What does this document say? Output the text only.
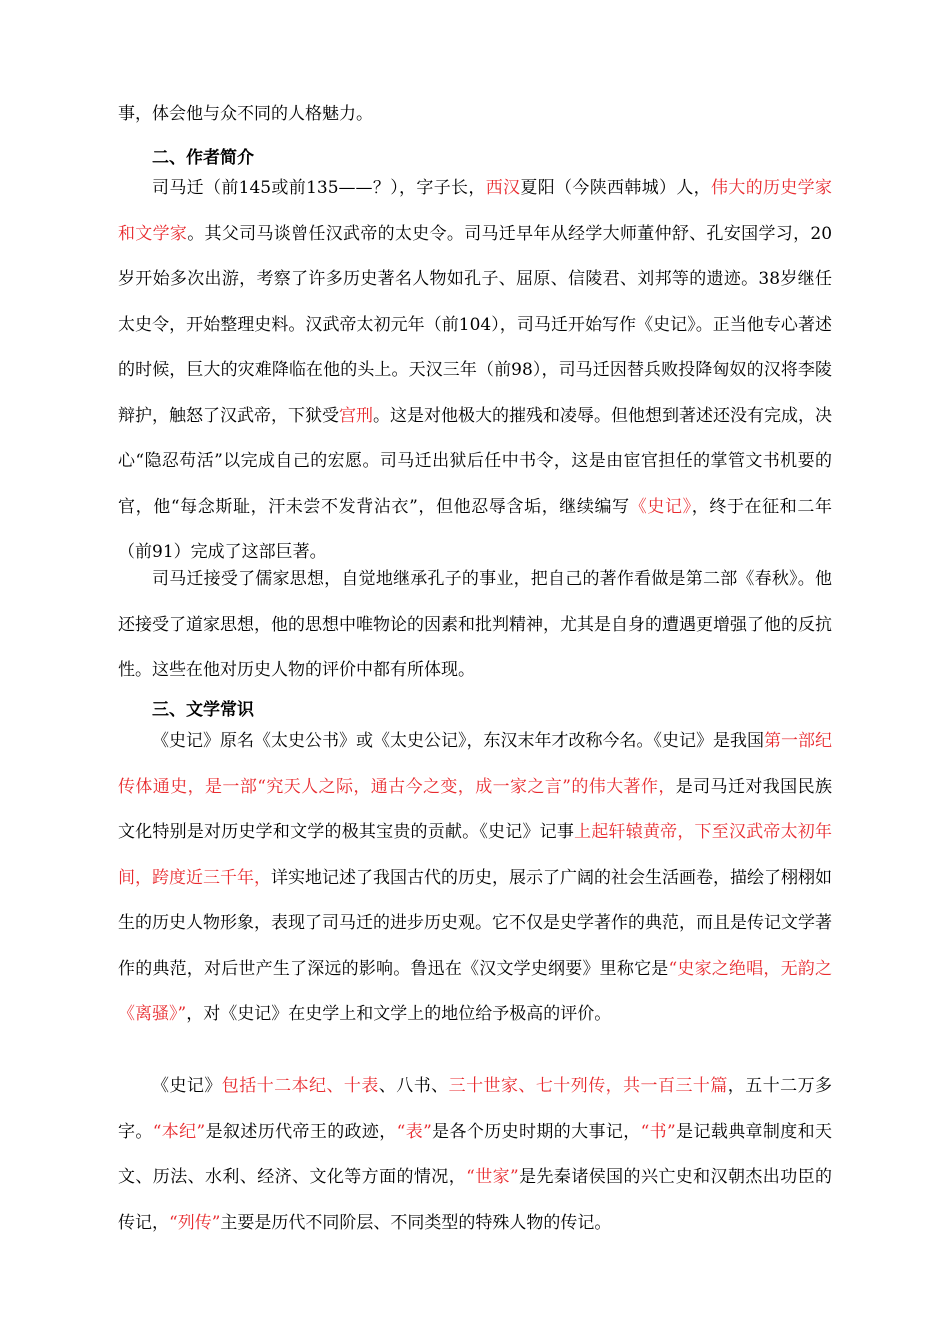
事，体会他与众不同的人格魅力。

二、作者简介

司马迁（前145或前135——？），字子长，西汉夏阳（今陕西韩城）人，伟大的历史学家和文学家。其父司马谈曾任汉武帝的太史令。司马迁早年从经学大师董仲舒、孔安国学习，20岁开始多次出游，考察了许多历史著名人物如孔子、屈原、信陵君、刘邦等的遗迹。38岁继任太史令，开始整理史料。汉武帝太初元年（前104），司马迁开始写作《史记》。正当他专心著述的时候，巨大的灾难降临在他的头上。天汉三年（前98），司马迁因替兵败投降匈奴的汉将李陵辩护，触怒了汉武帝，下狱受宫刑。这是对他极大的摧残和凌辱。但他想到著述还没有完成，决心“隐忍苟活”以完成自己的宏愿。司马迁出狱后任中书令，这是由宦官担任的掌管文书机要的官，他“每念斯耻，汗未尝不发背沾衣”，但他忍辱含垢，继续编写《史记》，终于在征和二年（前91）完成了这部巨著。

司马迁接受了儒家思想，自觉地继承孔子的事业，把自己的著作看做是第二部《春秋》。他还接受了道家思想，他的思想中唯物论的因素和批判精神，尤其是自身的遭遇更增强了他的反抗性。这些在他对历史人物的评价中都有所体现。

三、文学常识

《史记》原名《太史公书》或《太史公记》，东汉末年才改称今名。《史记》是我国第一部纪传体通史，是一部“究天人之际，通古今之变，成一家之言”的伟大著作，是司马迁对我国民族文化特别是对历史学和文学的极其宝贵的贡献。《史记》记事上起轩辕黄帝，下至汉武帝太初年间，跨度近三千年，详实地记述了我国古代的历史，展示了广阔的社会生活画卷，描绘了栩栩如生的历史人物形象，表现了司马迁的进步历史观。它不仅是史学著作的典范，而且是传记文学著作的典范，对后世产生了深远的影响。鲁迅在《汉文学史纲要》里称它是“史家之绝唱，无韵之《离骚》”，对《史记》在史学上和文学上的地位给予极高的评价。

《史记》包括十二本纪、十表、八书、三十世家、七十列传，共一百三十篇，五十二万多字。“本纪”是叙述历代帝王的政迹，“表”是各个历史时期的大事记，“书”是记载典章制度和天文、历法、水利、经济、文化等方面的情况，“世家”是先秦诸侯国的兴亡史和汉朝杰出功臣的传记，“列传”主要是历代不同阶层、不同类型的特殊人物的传记。
